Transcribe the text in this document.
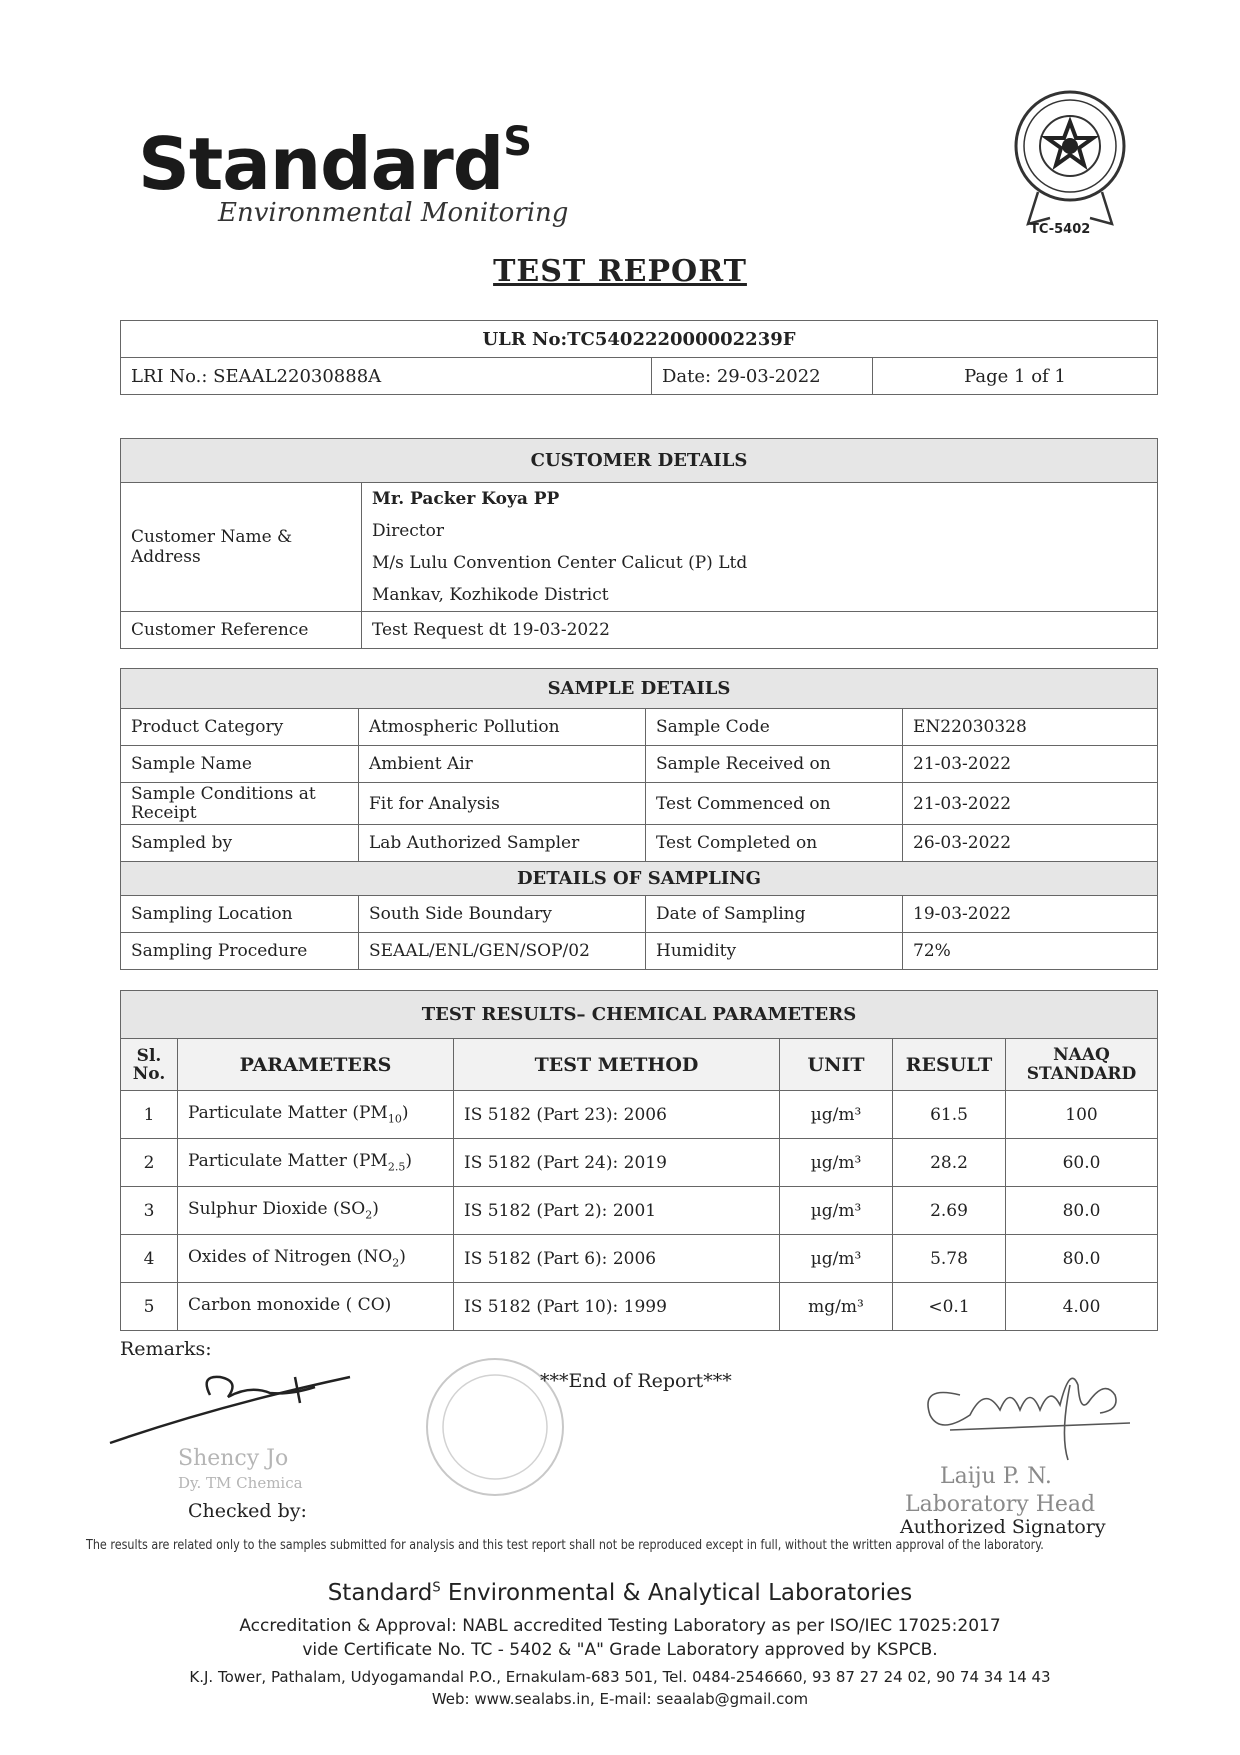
Standard$^S$
Environmental Monitoring
TC-5402
TEST REPORT
ULR No:TC540222000002239F
LRI No.: SEAAL22030888A	Date: 29-03-2022	Page 1 of 1
CUSTOMER DETAILS	
Customer Name & Address	Mr. Packer Koya PP
Director
M/s Lulu Convention Center Calicut (P) Ltd
Mankav, Kozhikode District

Customer Reference	Test Request dt 19-03-2022
SAMPLE DETAILS			
Product Category	Atmospheric Pollution	Sample Code	EN22030328
Sample Name	Ambient Air	Sample Received on	21-03-2022
Sample Conditions at Receipt	Fit for Analysis	Test Commenced on	21-03-2022
Sampled by	Lab Authorized Sampler	Test Completed on	26-03-2022
DETAILS OF SAMPLING			
Sampling Location	South Side Boundary	Date of Sampling	19-03-2022
Sampling Procedure	SEAAL/ENL/GEN/SOP/02	Humidity	72%
TEST RESULTS– CHEMICAL PARAMETERS					
Sl. No.	PARAMETERS	TEST METHOD	UNIT	RESULT	NAAQ STANDARD
1	Particulate Matter $(PM_{10})$	IS 5182 (Part 23): 2006	µg/m³	61.5	100
2	Particulate Matter $(PM_{2.5})$	IS 5182 (Part 24): 2019	µg/m³	28.2	60.0
3	Sulphur Dioxide $(SO_2)$	IS 5182 (Part 2): 2001	µg/m³	2.69	80.0
4	Oxides of Nitrogen $(NO_2)$	IS 5182 (Part 6): 2006	µg/m³	5.78	80.0
5	Carbon monoxide ( CO)	IS 5182 (Part 10): 1999	mg/m³	<0.1	4.00
Remarks:
***End of Report***
Shency Jo
Dy. TM Chemica
Checked by:
Laiju P. N.
Laboratory Head
Authorized Signatory
The results are related only to the samples submitted for analysis and this test report shall not be reproduced except in full, without the written approval of the laboratory.
Standard$^S$ Environmental & Analytical Laboratories
Accreditation & Approval: NABL accredited Testing Laboratory as per ISO/IEC 17025:2017
vide Certificate No. TC - 5402 & "A" Grade Laboratory approved by KSPCB.
K.J. Tower, Pathalam, Udyogamandal P.O., Ernakulam-683 501, Tel. 0484-2546660, 93 87 27 24 02, 90 74 34 14 43
Web: www.sealabs.in, E-mail: seaalab@gmail.com
